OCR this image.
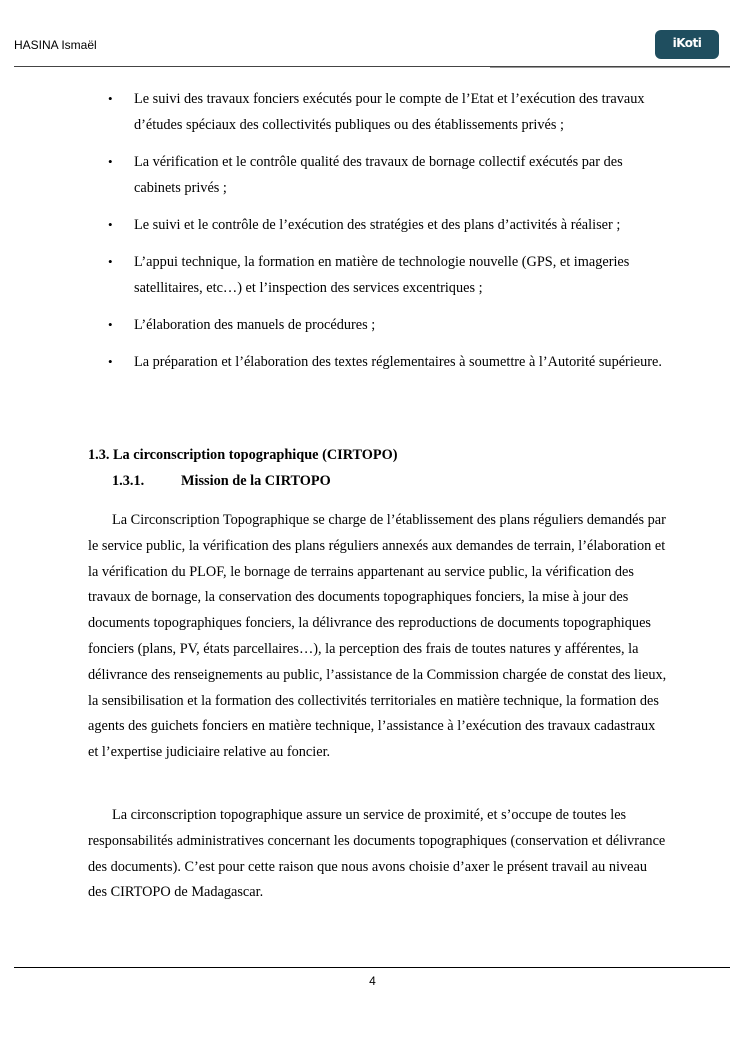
HASINA Ismaël	iKoti
• Le suivi des travaux fonciers exécutés pour le compte de l’Etat et l’exécution des travaux d’études spéciaux des collectivités publiques ou des établissements privés ;
• La vérification et le contrôle qualité des travaux de bornage collectif exécutés par des cabinets privés ;
• Le suivi et le contrôle de l’exécution des stratégies et des plans d’activités à réaliser ;
• L’appui technique, la formation en matière de technologie nouvelle (GPS, et imageries satellitaires, etc…) et l’inspection des services excentriques ;
• L’élaboration des manuels de procédures ;
• La préparation et l’élaboration des textes réglementaires à soumettre à l’Autorité supérieure.
1.3. La circonscription topographique (CIRTOPO)
1.3.1.	Mission de la CIRTOPO

La Circonscription Topographique se charge de l’établissement des plans réguliers demandés par le service public, la vérification des plans réguliers annexés aux demandes de terrain, l’élaboration et la vérification du PLOF, le bornage de terrains appartenant au service public, la vérification des travaux de bornage, la conservation des documents topographiques fonciers, la mise à jour des documents topographiques fonciers, la délivrance des reproductions de documents topographiques fonciers (plans, PV, états parcellaires…), la perception des frais de toutes natures y afférentes, la délivrance des renseignements au public, l’assistance de la Commission chargée de constat des lieux, la sensibilisation et la formation des collectivités territoriales en matière technique, la formation des agents des guichets fonciers en matière technique, l’assistance à l’exécution des travaux cadastraux et l’expertise judiciaire relative au foncier.

La circonscription topographique assure un service de proximité, et s’occupe de toutes les responsabilités administratives concernant les documents topographiques (conservation et délivrance des documents). C’est pour cette raison que nous avons choisie d’axer le présent travail au niveau des CIRTOPO de Madagascar.

4
